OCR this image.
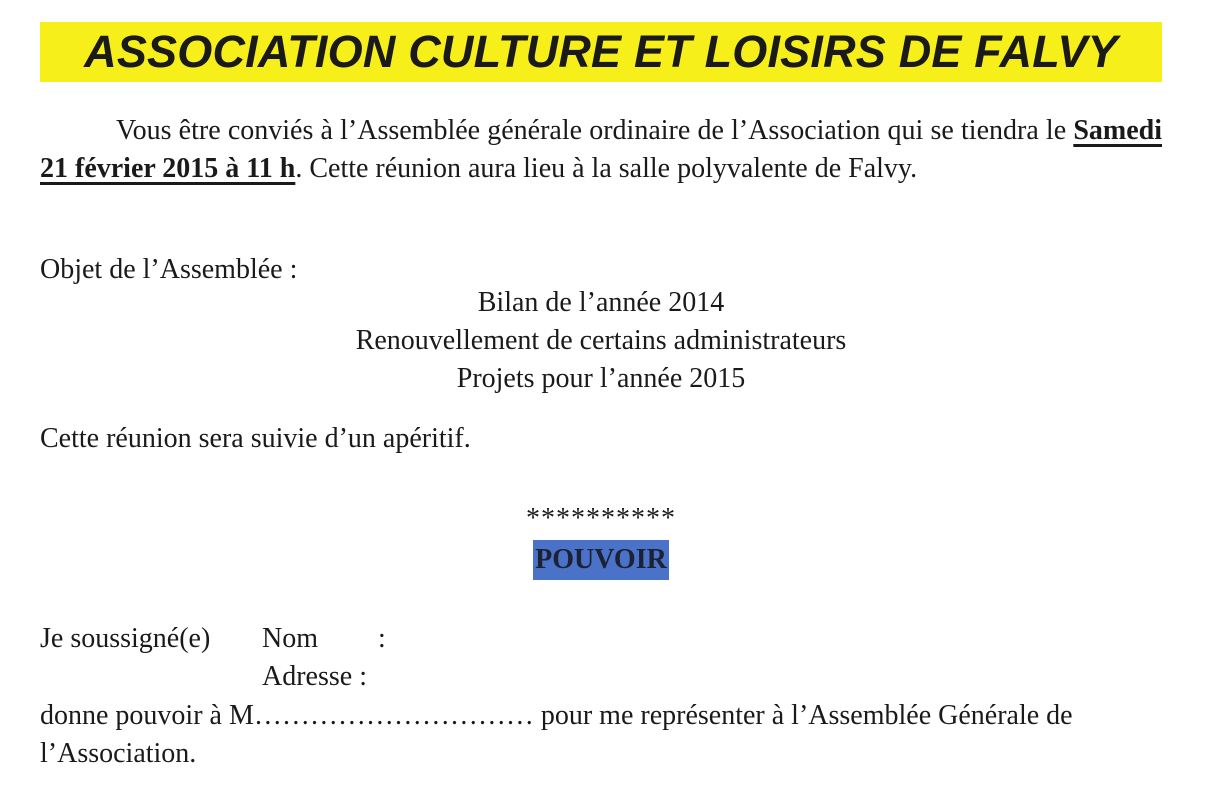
ASSOCIATION CULTURE ET LOISIRS DE FALVY

Vous être conviés à l’Assemblée générale ordinaire de l’Association qui se tiendra le Samedi 21 février 2015 à 11 h. Cette réunion aura lieu à la salle polyvalente de Falvy.

Objet de l’Assemblée :

Bilan de l’année 2014
Renouvellement de certains administrateurs
Projets pour l’année 2015

Cette réunion sera suivie d’un apéritif.

**********

POUVOIR
Je soussigné(e) Nom :
Adresse :

donne pouvoir à M………………………… pour me représenter à l’Assemblée Générale de l’Association.
